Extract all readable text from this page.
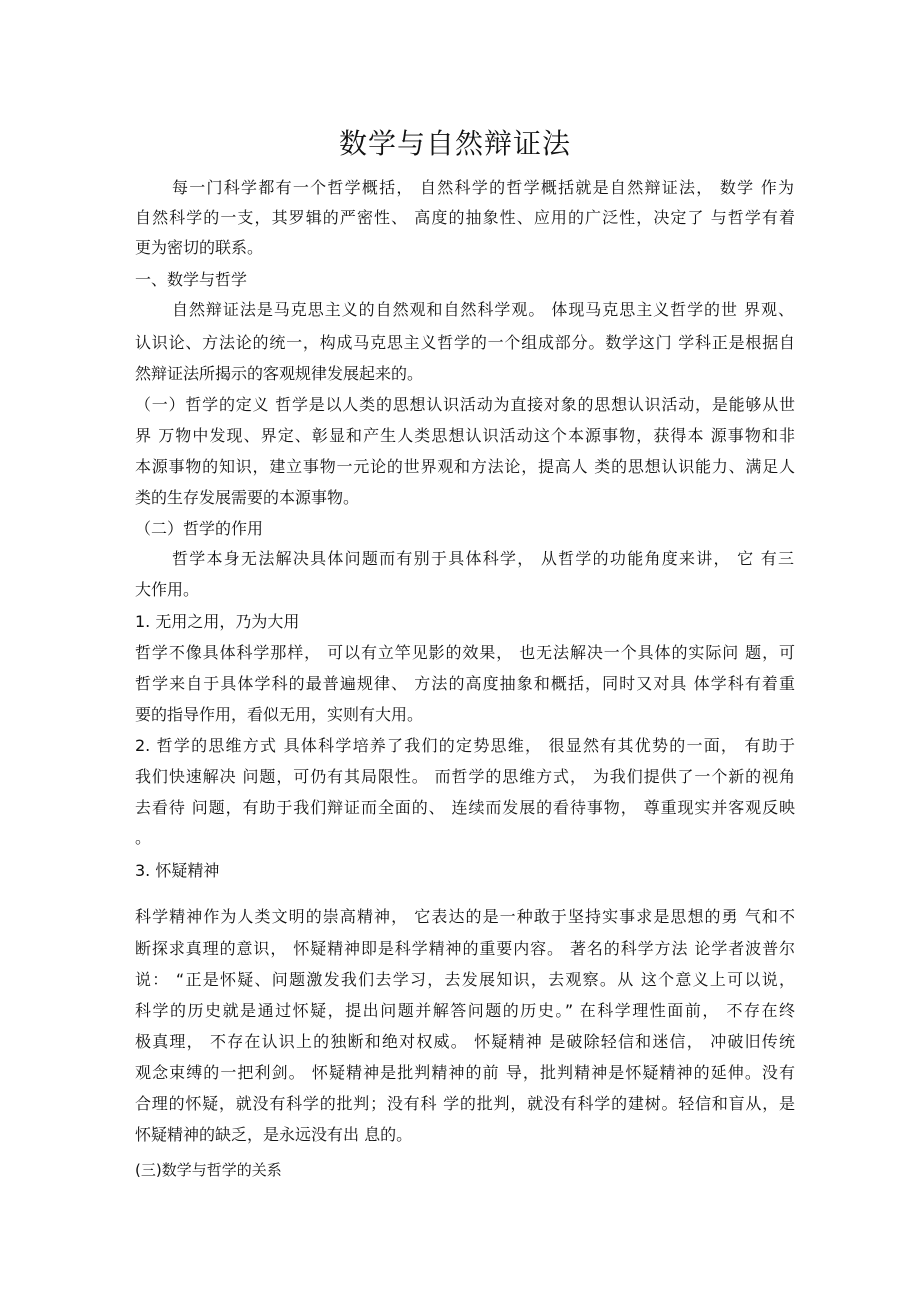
数学与自然辩证法
每一门科学都有一个哲学概括， 自然科学的哲学概括就是自然辩证法， 数学 作为
自然科学的一支，其罗辑的严密性、 高度的抽象性、应用的广泛性，决定了 与哲学有着
更为密切的联系。
一、数学与哲学
自然辩证法是马克思主义的自然观和自然科学观。 体现马克思主义哲学的世 界观、
认识论、方法论的统一，构成马克思主义哲学的一个组成部分。数学这门 学科正是根据自
然辩证法所揭示的客观规律发展起来的。
（一）哲学的定义 哲学是以人类的思想认识活动为直接对象的思想认识活动，是能够从世
界 万物中发现、界定、彰显和产生人类思想认识活动这个本源事物，获得本 源事物和非
本源事物的知识，建立事物一元论的世界观和方法论，提高人 类的思想认识能力、满足人
类的生存发展需要的本源事物。
（二）哲学的作用
哲学本身无法解决具体问题而有别于具体科学， 从哲学的功能角度来讲， 它 有三
大作用。
1. 无用之用，乃为大用
哲学不像具体科学那样， 可以有立竿见影的效果， 也无法解决一个具体的实际问 题，可
哲学来自于具体学科的最普遍规律、 方法的高度抽象和概括，同时又对具 体学科有着重
要的指导作用，看似无用，实则有大用。
2. 哲学的思维方式 具体科学培养了我们的定势思维， 很显然有其优势的一面， 有助于
我们快速解决 问题，可仍有其局限性。 而哲学的思维方式， 为我们提供了一个新的视角
去看待 问题，有助于我们辩证而全面的、 连续而发展的看待事物， 尊重现实并客观反映
。
3. 怀疑精神
科学精神作为人类文明的崇高精神， 它表达的是一种敢于坚持实事求是思想的勇 气和不
断探求真理的意识， 怀疑精神即是科学精神的重要内容。 著名的科学方法 论学者波普尔
说： “正是怀疑、问题激发我们去学习，去发展知识，去观察。从 这个意义上可以说，
科学的历史就是通过怀疑，提出问题并解答问题的历史。” 在科学理性面前， 不存在终
极真理， 不存在认识上的独断和绝对权威。 怀疑精神 是破除轻信和迷信， 冲破旧传统
观念束缚的一把利剑。 怀疑精神是批判精神的前 导，批判精神是怀疑精神的延伸。没有
合理的怀疑，就没有科学的批判；没有科 学的批判，就没有科学的建树。轻信和盲从，是
怀疑精神的缺乏，是永远没有出 息的。
(三)数学与哲学的关系
